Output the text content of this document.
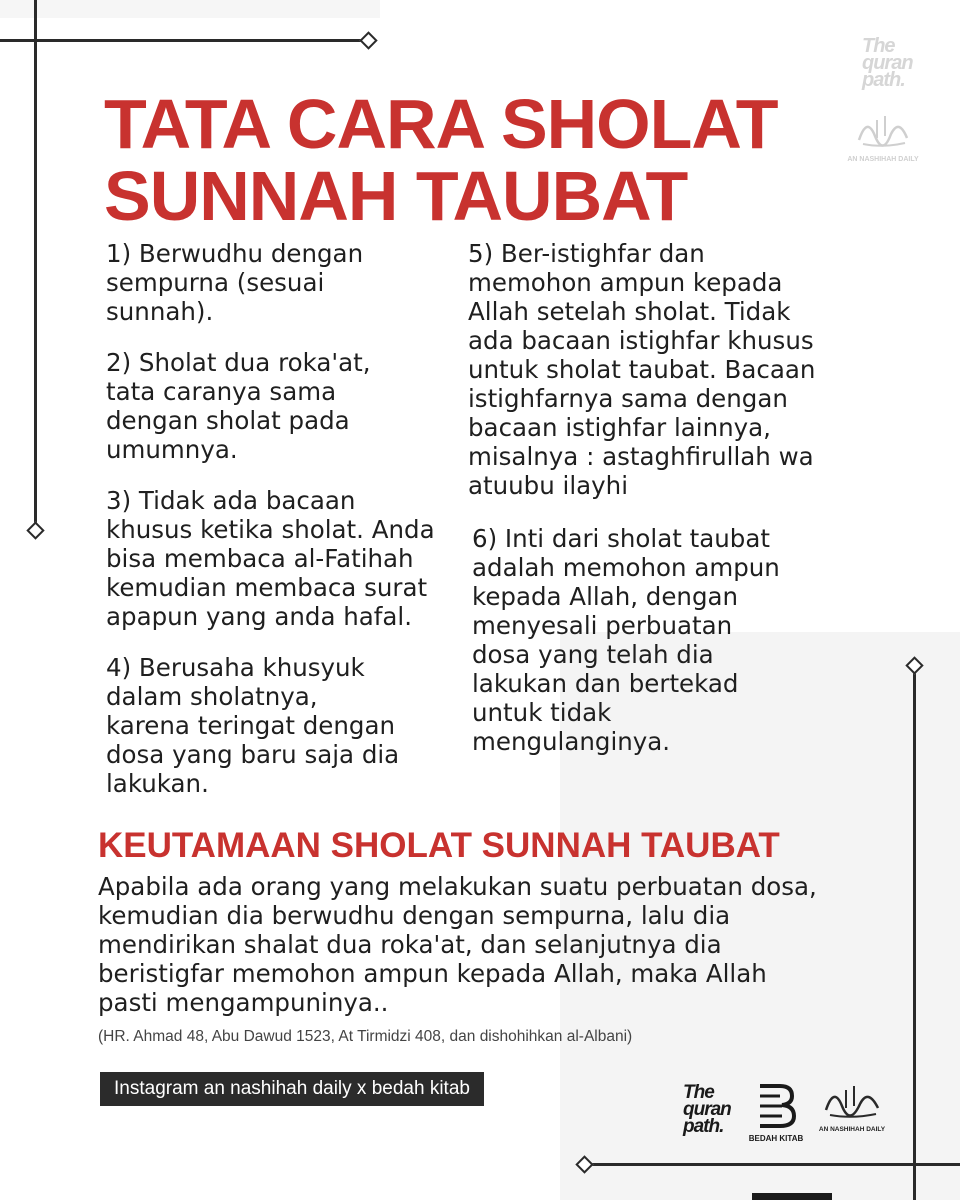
The
quran
path.
AN NASHIHAH DAILY
TATA CARA SHOLAT
SUNNAH TAUBAT

1) Berwudhu dengan sempurna (sesuai sunnah).

2) Sholat dua roka'at, tata caranya sama dengan sholat pada umumnya.

3) Tidak ada bacaan khusus ketika sholat. Anda bisa membaca al-Fatihah kemudian membaca surat apapun yang anda hafal.

4) Berusaha khusyuk dalam sholatnya, karena teringat dengan dosa yang baru saja dia lakukan.

5) Ber-istighfar dan memohon ampun kepada Allah setelah sholat. Tidak ada bacaan istighfar khusus untuk sholat taubat. Bacaan istighfarnya sama dengan bacaan istighfar lainnya, misalnya : astaghfirullah wa atuubu ilayhi

6) Inti dari sholat taubat adalah memohon ampun kepada Allah, dengan menyesali perbuatan dosa yang telah dia lakukan dan bertekad untuk tidak mengulanginya.

KEUTAMAAN SHOLAT SUNNAH TAUBAT

Apabila ada orang yang melakukan suatu perbuatan dosa, kemudian dia berwudhu dengan sempurna, lalu dia mendirikan shalat dua roka'at, dan selanjutnya dia beristigfar memohon ampun kepada Allah, maka Allah pasti mengampuninya..

(HR. Ahmad 48, Abu Dawud 1523, At Tirmidzi 408, dan dishohihkan al-Albani)

Instagram an nashihah daily x bedah kitab	The
quran
path.
BEDAH KITAB
AN NASHIHAH DAILY
